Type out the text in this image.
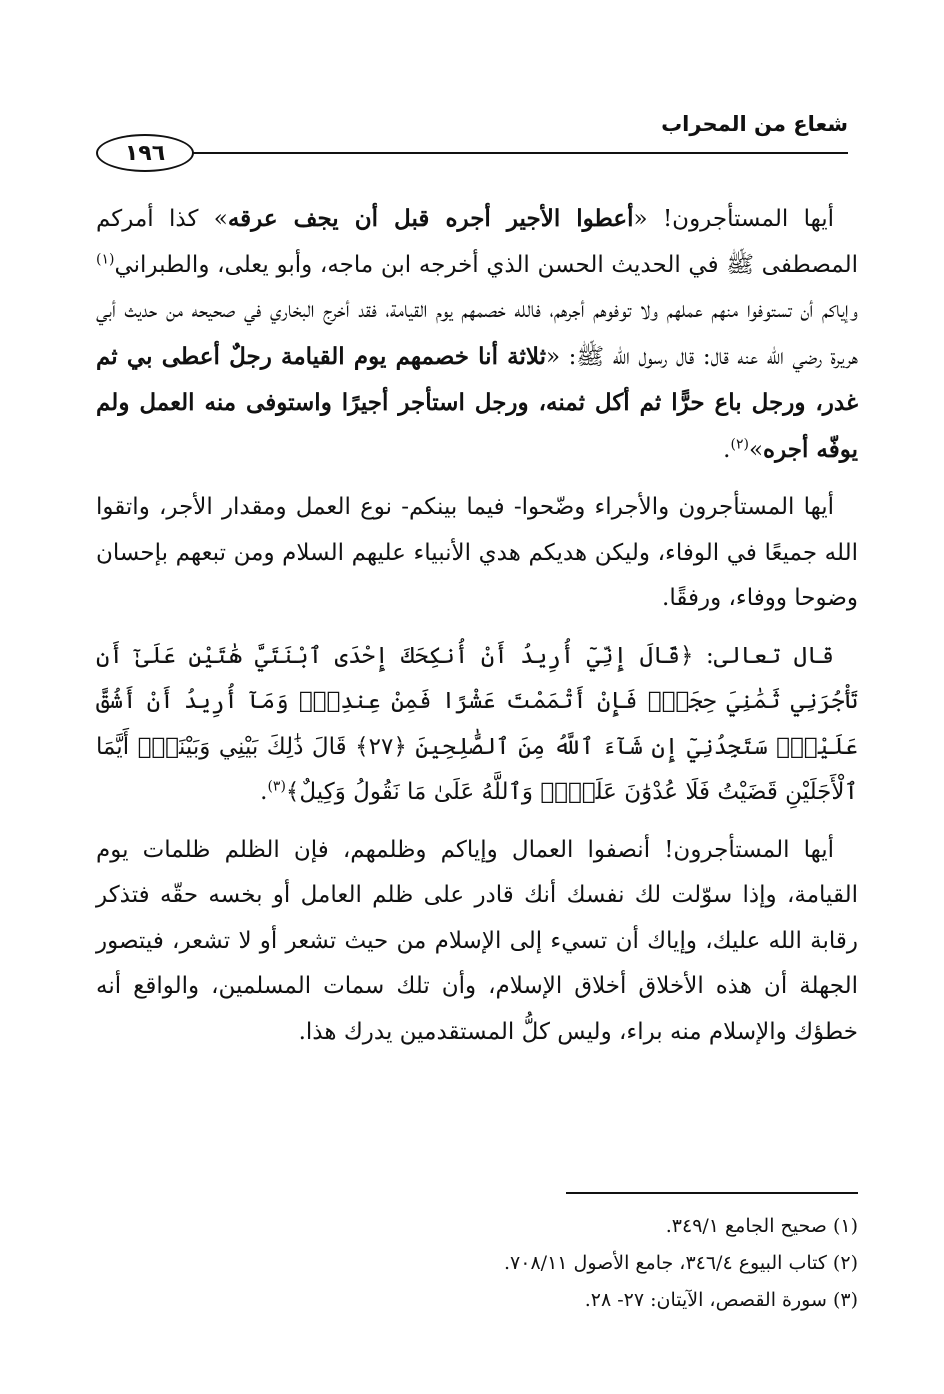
شعاع من المحراب
١٩٦

أيها المستأجرون! «أعطوا الأجير أجره قبل أن يجف عرقه» كذا أمركم المصطفى ﷺ في الحديث الحسن الذي أخرجه ابن ماجه، وأبو يعلى، والطبراني$^{(١)}$ وإياكم أن تستوفوا منهم عملهم ولا توفوهم أجرهم، فالله خصمهم يوم القيامة، فقد أخرج البخاري في صحيحه من حديث أبي هريرة رضي الله عنه قال: قال رسول الله ﷺ: «ثلاثة أنا خصمهم يوم القيامة رجلٌ أعطى بي ثم غدر، ورجل باع حرًّا ثم أكل ثمنه، ورجل استأجر أجيرًا واستوفى منه العمل ولم يوفّه أجره»$^{(٢)}$.

أيها المستأجرون والأجراء وضّحوا- فيما بينكم- نوع العمل ومقدار الأجر، واتقوا الله جميعًا في الوفاء، وليكن هديكم هدي الأنبياء عليهم السلام ومن تبعهم بإحسان وضوحا ووفاء، ورفقًا.

قال تعالى: ﴿قَالَ إِنِّيٓ أُرِيدُ أَنْ أُنكِحَكَ إِحْدَى ٱبْنَتَيَّ هَٰتَيْنِ عَلَىٰٓ أَن تَأْجُرَنِي ثَمَٰنِيَ حِجَجٍۖ فَإِنْ أَتْمَمْتَ عَشْرًا فَمِنْ عِندِكَۖ وَمَآ أُرِيدُ أَنْ أَشُقَّ عَلَيْكَۚ سَتَجِدُنِيٓ إِن شَآءَ ٱللَّهُ مِنَ ٱلصَّٰلِحِينَ ﴿٢٧﴾ قَالَ ذَٰلِكَ بَيْنِي وَبَيْنَكَۖ أَيَّمَا ٱلْأَجَلَيْنِ قَضَيْتُ فَلَا عُدْوَٰنَ عَلَيَّۖ وَٱللَّهُ عَلَىٰ مَا نَقُولُ وَكِيلٌ﴾$^{(٣)}$.

أيها المستأجرون! أنصفوا العمال وإياكم وظلمهم، فإن الظلم ظلمات يوم القيامة، وإذا سوّلت لك نفسك أنك قادر على ظلم العامل أو بخسه حقّه فتذكر رقابة الله عليك، وإياك أن تسيء إلى الإسلام من حيث تشعر أو لا تشعر، فيتصور الجهلة أن هذه الأخلاق أخلاق الإسلام، وأن تلك سمات المسلمين، والواقع أنه خطؤك والإسلام منه براء، وليس كلُّ المستقدمين يدرك هذا.

(١) صحيح الجامع ٣٤٩/١.

(٢) كتاب البيوع ٣٤٦/٤، جامع الأصول ٧٠٨/١١.

(٣) سورة القصص، الآيتان: ٢٧- ٢٨.
